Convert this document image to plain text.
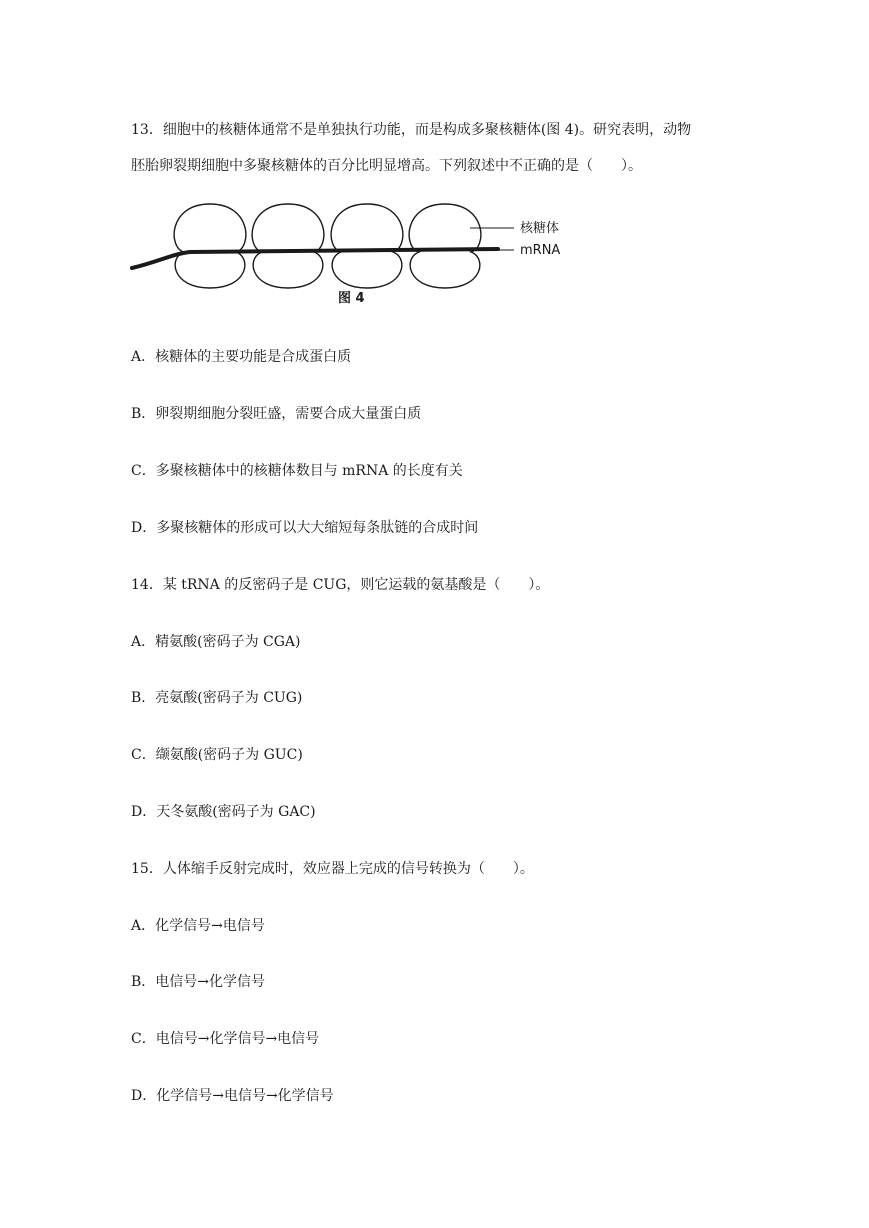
13．细胞中的核糖体通常不是单独执行功能，而是构成多聚核糖体(图 4)。研究表明，动物
胚胎卵裂期细胞中多聚核糖体的百分比明显增高。下列叙述中不正确的是（　　）。
核糖体
mRNA
图 4
A．核糖体的主要功能是合成蛋白质
B．卵裂期细胞分裂旺盛，需要合成大量蛋白质
C．多聚核糖体中的核糖体数目与 mRNA 的长度有关
D．多聚核糖体的形成可以大大缩短每条肽链的合成时间
14．某 tRNA 的反密码子是 CUG，则它运载的氨基酸是（　　）。
A．精氨酸(密码子为 CGA)
B．亮氨酸(密码子为 CUG)
C．缬氨酸(密码子为 GUC)
D．天冬氨酸(密码子为 GAC)
15．人体缩手反射完成时，效应器上完成的信号转换为（　　）。
A．化学信号→电信号
B．电信号→化学信号
C．电信号→化学信号→电信号
D．化学信号→电信号→化学信号
